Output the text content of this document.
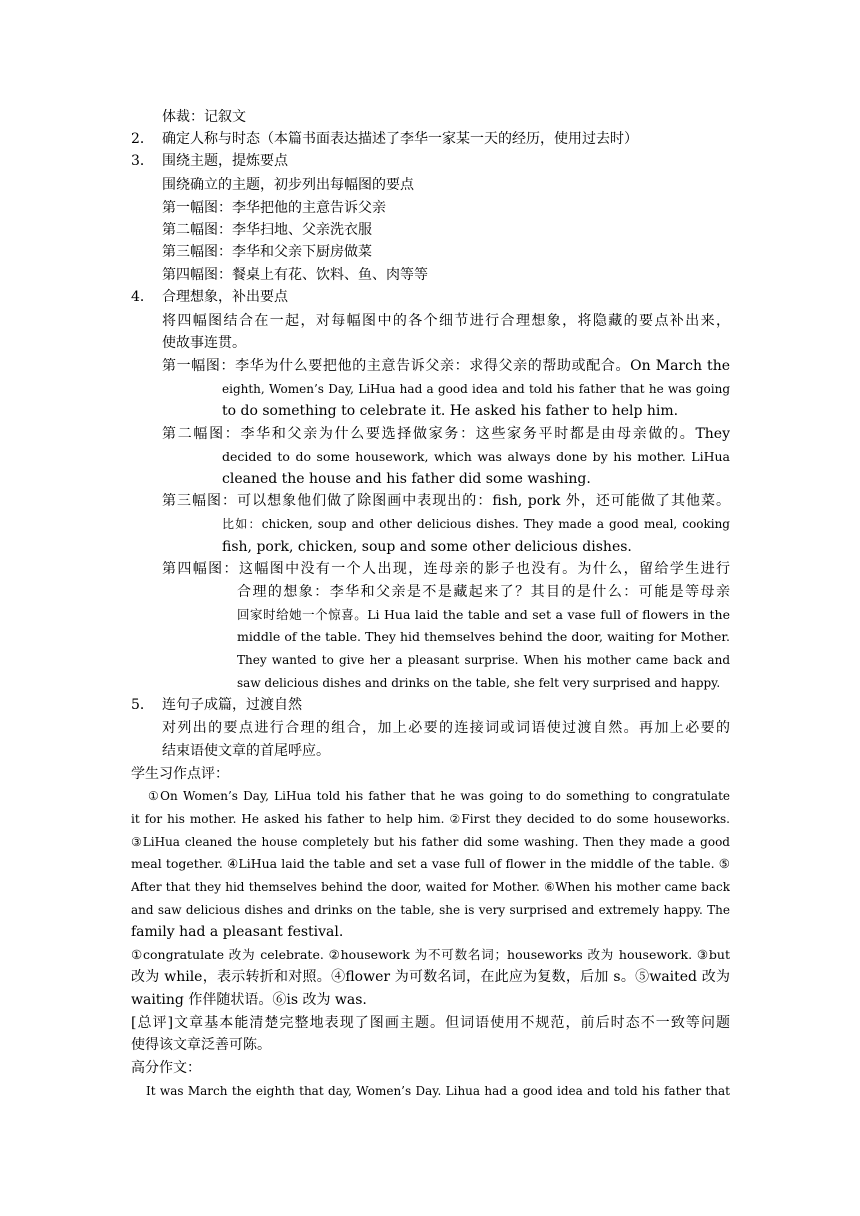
体裁：记叙文
2． 确定人称与时态（本篇书面表达描述了李华一家某一天的经历，使用过去时）
3． 围绕主题，提炼要点
围绕确立的主题，初步列出每幅图的要点
第一幅图：李华把他的主意告诉父亲
第二幅图：李华扫地、父亲洗衣服
第三幅图：李华和父亲下厨房做菜
第四幅图：餐桌上有花、饮料、鱼、肉等等
4． 合理想象，补出要点
将四幅图结合在一起，对每幅图中的各个细节进行合理想象，将隐藏的要点补出来，
使故事连贯。
第一幅图：李华为什么要把他的主意告诉父亲：求得父亲的帮助或配合。On March the
eighth, Women’s Day, LiHua had a good idea and told his father that he was going
to do something to celebrate it. He asked his father to help him.
第二幅图：李华和父亲为什么要选择做家务：这些家务平时都是由母亲做的。They
decided to do some housework, which was always done by his mother. LiHua
cleaned the house and his father did some washing.
第三幅图：可以想象他们做了除图画中表现出的：fish, pork 外，还可能做了其他菜。
比如：chicken, soup and other delicious dishes. They made a good meal, cooking
fish, pork, chicken, soup and some other delicious dishes.
第四幅图：这幅图中没有一个人出现，连母亲的影子也没有。为什么，留给学生进行
合理的想象：李华和父亲是不是藏起来了？其目的是什么：可能是等母亲
回家时给她一个惊喜。Li Hua laid the table and set a vase full of flowers in the
middle of the table. They hid themselves behind the door, waiting for Mother.
They wanted to give her a pleasant surprise. When his mother came back and
saw delicious dishes and drinks on the table, she felt very surprised and happy.
5． 连句子成篇，过渡自然
对列出的要点进行合理的组合，加上必要的连接词或词语使过渡自然。再加上必要的
结束语使文章的首尾呼应。
学生习作点评：
①On Women’s Day, LiHua told his father that he was going to do something to congratulate
it for his mother. He asked his father to help him. ②First they decided to do some houseworks.
③LiHua cleaned the house completely but his father did some washing. Then they made a good
meal together. ④LiHua laid the table and set a vase full of flower in the middle of the table. ⑤
After that they hid themselves behind the door, waited for Mother. ⑥When his mother came back
and saw delicious dishes and drinks on the table, she is very surprised and extremely happy. The
family had a pleasant festival.
①congratulate 改为 celebrate. ②housework 为不可数名词；houseworks 改为 housework. ③but
改为 while，表示转折和对照。④flower 为可数名词，在此应为复数，后加 s。⑤waited 改为
waiting 作伴随状语。⑥is 改为 was.
[总评]文章基本能清楚完整地表现了图画主题。但词语使用不规范，前后时态不一致等问题
使得该文章泛善可陈。
高分作文：
It was March the eighth that day, Women’s Day. Lihua had a good idea and told his father that
